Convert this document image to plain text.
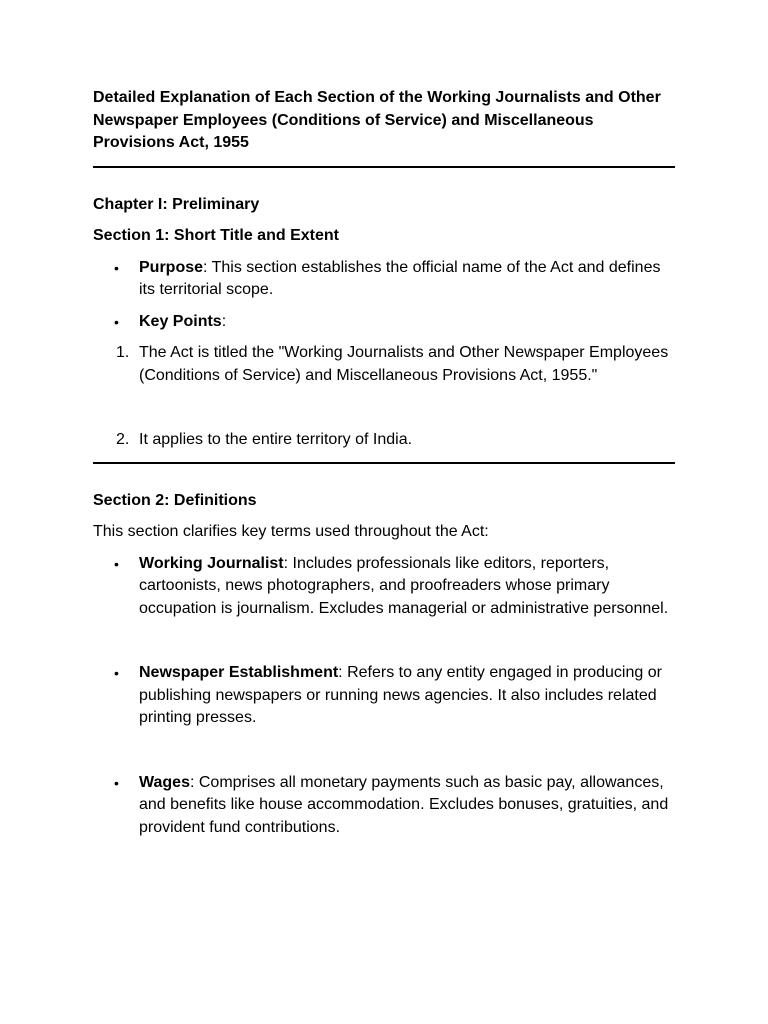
Detailed Explanation of Each Section of the Working Journalists and Other Newspaper Employees (Conditions of Service) and Miscellaneous Provisions Act, 1955

Chapter I: Preliminary

Section 1: Short Title and Extent

• Purpose: This section establishes the official name of the Act and defines its territorial scope.
• Key Points:
1. The Act is titled the "Working Journalists and Other Newspaper Employees (Conditions of Service) and Miscellaneous Provisions Act, 1955."
2. It applies to the entire territory of India.

Section 2: Definitions

This section clarifies key terms used throughout the Act:

• Working Journalist: Includes professionals like editors, reporters, cartoonists, news photographers, and proofreaders whose primary occupation is journalism. Excludes managerial or administrative personnel.
• Newspaper Establishment: Refers to any entity engaged in producing or publishing newspapers or running news agencies. It also includes related printing presses.
• Wages: Comprises all monetary payments such as basic pay, allowances, and benefits like house accommodation. Excludes bonuses, gratuities, and provident fund contributions.
